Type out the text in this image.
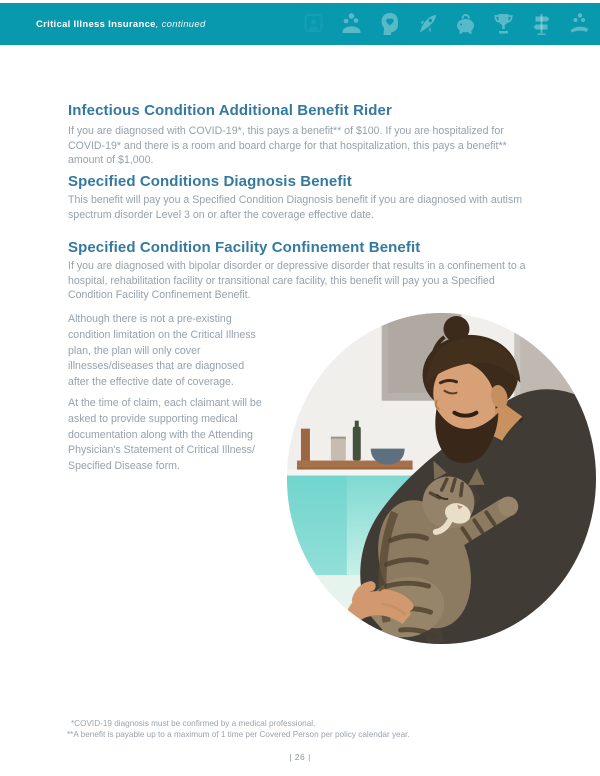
Critical Illness Insurance, continued
Infectious Condition Additional Benefit Rider
If you are diagnosed with COVID-19*, this pays a benefit** of $100. If you are hospitalized for COVID-19* and there is a room and board charge for that hospitalization, this pays a benefit** amount of $1,000.
Specified Conditions Diagnosis Benefit
This benefit will pay you a Specified Condition Diagnosis benefit if you are diagnosed with autism spectrum disorder Level 3 on or after the coverage effective date.
Specified Condition Facility Confinement Benefit
If you are diagnosed with bipolar disorder or depressive disorder that results in a confinement to a hospital, rehabilitation facility or transitional care facility, this benefit will pay you a Specified Condition Facility Confinement Benefit.

Although there is not a pre-existing condition limitation on the Critical Illness plan, the plan will only cover illnesses/diseases that are diagnosed after the effective date of coverage.

At the time of claim, each claimant will be asked to provide supporting medical documentation along with the Attending Physician's Statement of Critical Illness/ Specified Disease form.

*COVID-19 diagnosis must be confirmed by a medical professional.
**A benefit is payable up to a maximum of 1 time per Covered Person per policy calendar year.
| 26 |
